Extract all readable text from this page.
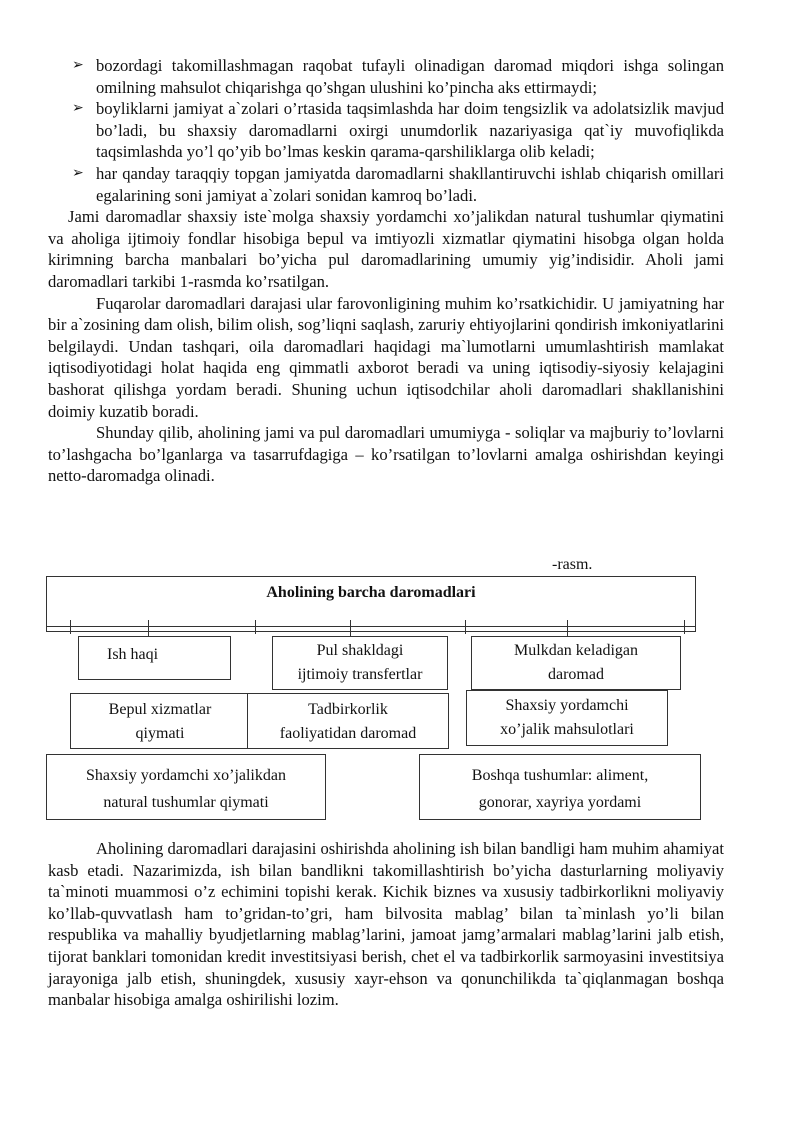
➢ bozordagi takomillashmagan raqobat tufayli olinadigan daromad miqdori ishga solingan omilning mahsulot chiqarishga qo’shgan ulushini ko’pincha aks ettirmaydi;

➢ boyliklarni jamiyat a`zolari o’rtasida taqsimlashda har doim tengsizlik va adolatsizlik mavjud bo’ladi, bu shaxsiy daromadlarni oxirgi unumdorlik nazariyasiga qat`iy muvofiqlikda taqsimlashda yo’l qo’yib bo’lmas keskin qarama-qarshiliklarga olib keladi;

➢ har qanday taraqqiy topgan jamiyatda daromadlarni shakllantiruvchi ishlab chiqarish omillari egalarining soni jamiyat a`zolari sonidan kamroq bo’ladi.

Jami daromadlar shaxsiy iste`molga shaxsiy yordamchi xo’jalikdan natural tushumlar qiymatini va aholiga ijtimoiy fondlar hisobiga bepul va imtiyozli xizmatlar qiymatini hisobga olgan holda kirimning barcha manbalari bo’yicha pul daromadlarining umumiy yig’indisidir. Aholi jami daromadlari tarkibi 1-rasmda ko’rsatilgan.

Fuqarolar daromadlari darajasi ular farovonligining muhim ko’rsatkichidir. U jamiyatning har bir a`zosining dam olish, bilim olish, sog’liqni saqlash, zaruriy ehtiyojlarini qondirish imkoniyatlarini belgilaydi. Undan tashqari, oila daromadlari haqidagi ma`lumotlarni umumlashtirish mamlakat iqtisodiyotidagi holat haqida eng qimmatli axborot beradi va uning iqtisodiy-siyosiy kelajagini bashorat qilishga yordam beradi. Shuning uchun iqtisodchilar aholi daromadlari shakllanishini doimiy kuzatib boradi.

Shunday qilib, aholining jami va pul daromadlari umumiyga - soliqlar va majburiy to’lovlarni to’lashgacha bo’lganlarga va tasarrufdagiga – ko’rsatilgan to’lovlarni amalga oshirishdan keyingi netto-daromadga olinadi.

-rasm.
Aholining barcha daromadlari
Ish haqi	Pul shakldagi
ijtimoiy transfertlar
Mulkdan keladigan
daromad
Bepul xizmatlar
qiymati
Tadbirkorlik
faoliyatidan daromad
Shaxsiy yordamchi
xo’jalik mahsulotlari
Shaxsiy yordamchi xo’jalikdan
natural tushumlar qiymati
Boshqa tushumlar: aliment,
gonorar, xayriya yordami

Aholining daromadlari darajasini oshirishda aholining ish bilan bandligi ham muhim ahamiyat kasb etadi. Nazarimizda, ish bilan bandlikni takomillashtirish bo’yicha dasturlarning moliyaviy ta`minoti muammosi o’z echimini topishi kerak. Kichik biznes va xususiy tadbirkorlikni moliyaviy ko’llab-quvvatlash ham to’gridan-to’gri, ham bilvosita mablag’ bilan ta`minlash yo’li bilan respublika va mahalliy byudjetlarning mablag’larini, jamoat jamg’armalari mablag’larini jalb etish, tijorat banklari tomonidan kredit investitsiyasi berish, chet el va tadbirkorlik sarmoyasini investitsiya jarayoniga jalb etish, shuningdek, xususiy xayr-ehson va qonunchilikda ta`qiqlanmagan boshqa manbalar hisobiga amalga oshirilishi lozim.
